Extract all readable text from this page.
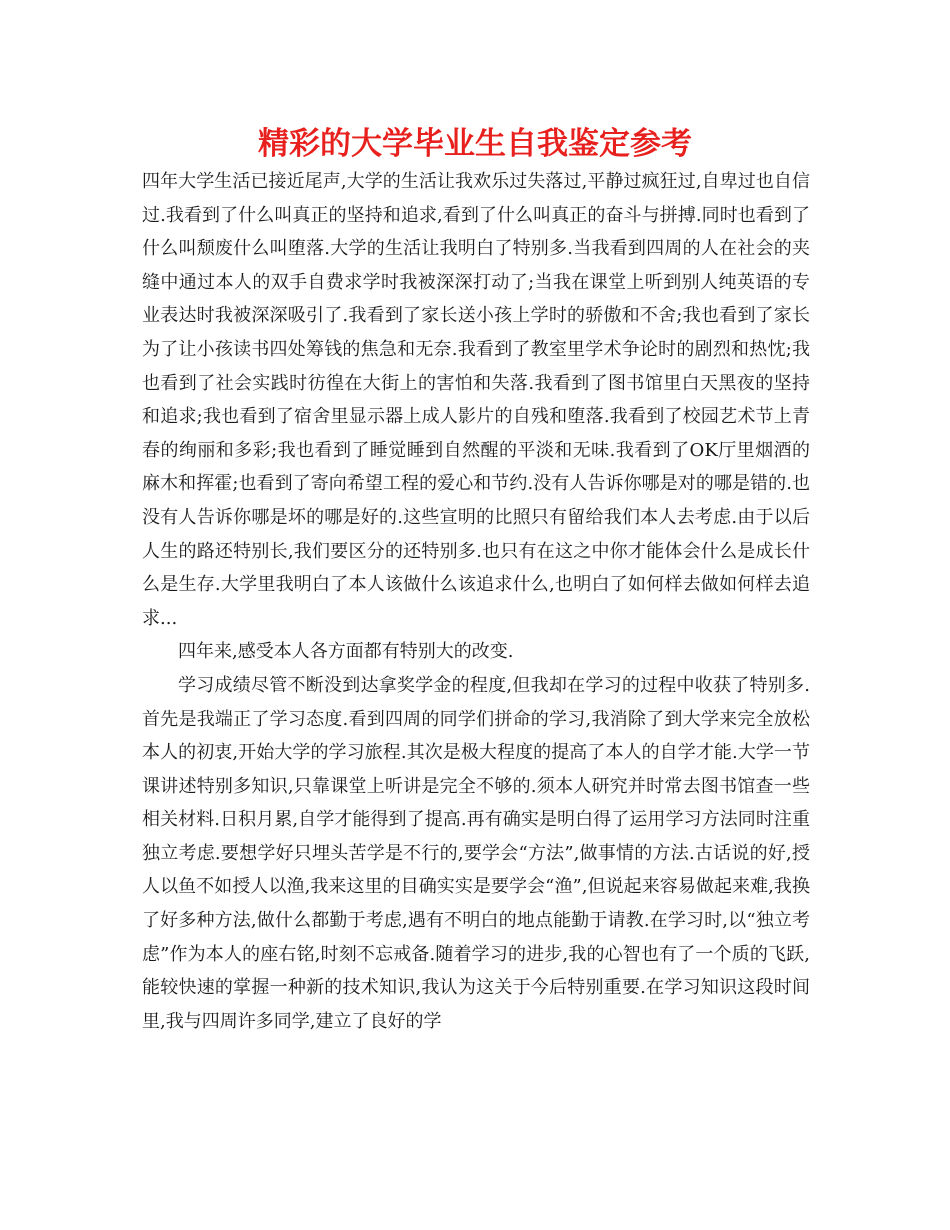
精彩的大学毕业生自我鉴定参考

四年大学生活已接近尾声,大学的生活让我欢乐过失落过,平静过疯狂过,自卑过也自信过.我看到了什么叫真正的坚持和追求,看到了什么叫真正的奋斗与拼搏.同时也看到了什么叫颓废什么叫堕落.大学的生活让我明白了特别多.当我看到四周的人在社会的夹缝中通过本人的双手自费求学时我被深深打动了;当我在课堂上听到别人纯英语的专业表达时我被深深吸引了.我看到了家长送小孩上学时的骄傲和不舍;我也看到了家长为了让小孩读书四处筹钱的焦急和无奈.我看到了教室里学术争论时的剧烈和热忱;我也看到了社会实践时彷徨在大街上的害怕和失落.我看到了图书馆里白天黑夜的坚持和追求;我也看到了宿舍里显示器上成人影片的自残和堕落.我看到了校园艺术节上青春的绚丽和多彩;我也看到了睡觉睡到自然醒的平淡和无味.我看到了OK厅里烟酒的麻木和挥霍;也看到了寄向希望工程的爱心和节约.没有人告诉你哪是对的哪是错的.也没有人告诉你哪是坏的哪是好的.这些宣明的比照只有留给我们本人去考虑.由于以后人生的路还特别长,我们要区分的还特别多.也只有在这之中你才能体会什么是成长什么是生存.大学里我明白了本人该做什么该追求什么,也明白了如何样去做如何样去追求...

四年来,感受本人各方面都有特别大的改变.

学习成绩尽管不断没到达拿奖学金的程度,但我却在学习的过程中收获了特别多.首先是我端正了学习态度.看到四周的同学们拼命的学习,我消除了到大学来完全放松本人的初衷,开始大学的学习旅程.其次是极大程度的提高了本人的自学才能.大学一节课讲述特别多知识,只靠课堂上听讲是完全不够的.须本人研究并时常去图书馆查一些相关材料.日积月累,自学才能得到了提高.再有确实是明白得了运用学习方法同时注重独立考虑.要想学好只埋头苦学是不行的,要学会“方法”,做事情的方法.古话说的好,授人以鱼不如授人以渔,我来这里的目确实实是要学会“渔”,但说起来容易做起来难,我换了好多种方法,做什么都勤于考虑,遇有不明白的地点能勤于请教.在学习时,以“独立考虑”作为本人的座右铭,时刻不忘戒备.随着学习的进步,我的心智也有了一个质的飞跃,能较快速的掌握一种新的技术知识,我认为这关于今后特别重要.在学习知识这段时间里,我与四周许多同学,建立了良好的学
